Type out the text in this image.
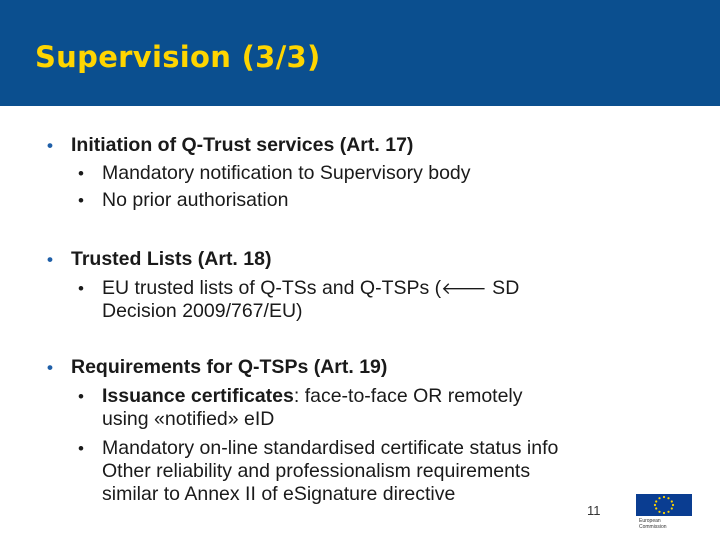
Supervision (3/3)
• Initiation of Q-Trust services (Art. 17)
• Mandatory notification to Supervisory body
• No prior authorisation
• Trusted Lists (Art. 18)
• EU trusted lists of Q-TSs and Q-TSPs (🡐 SD
Decision 2009/767/EU)
• Requirements for Q-TSPs (Art. 19)
• Issuance certificates: face-to-face OR remotely
using «notified» eID
• Mandatory on-line standardised certificate status info
Other reliability and professionalism requirements
similar to Annex II of eSignature directive
11
European Commission
